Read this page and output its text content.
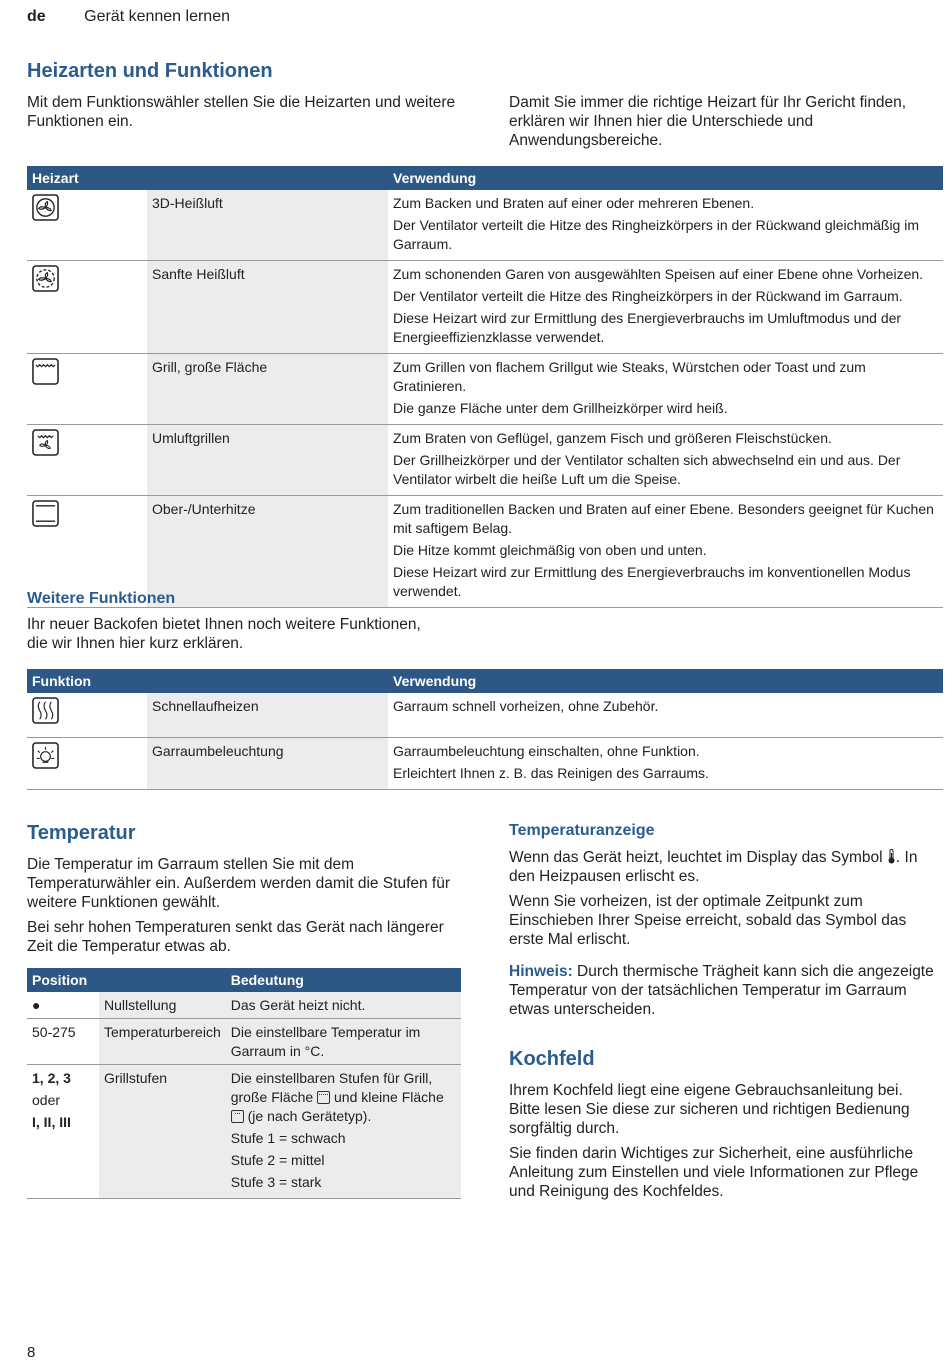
de Gerät kennen lernen
Heizarten und Funktionen

Mit dem Funktionswähler stellen Sie die Heizarten und weitere Funktionen ein.

Damit Sie immer die richtige Heizart für Ihr Gericht finden, erklären wir Ihnen hier die Unterschiede und Anwendungsbereiche.

Heizart		Verwendung

	3D-Heißluft	Zum Backen und Braten auf einer oder mehreren Ebenen.
Der Ventilator verteilt die Hitze des Ringheizkörpers in der Rückwand gleichmäßig im Garraum.

	Sanfte Heißluft	Zum schonenden Garen von ausgewählten Speisen auf einer Ebene ohne Vorheizen.
Der Ventilator verteilt die Hitze des Ringheizkörpers in der Rückwand im Garraum.
Diese Heizart wird zur Ermittlung des Energieverbrauchs im Umluftmodus und der Energieeffizienzklasse verwendet.

	Grill, große Fläche	Zum Grillen von flachem Grillgut wie Steaks, Würstchen oder Toast und zum Gratinieren.
Die ganze Fläche unter dem Grillheizkörper wird heiß.

	Umluftgrillen	Zum Braten von Geflügel, ganzem Fisch und größeren Fleischstücken.
Der Grillheizkörper und der Ventilator schalten sich abwechselnd ein und aus. Der Ventilator wirbelt die heiße Luft um die Speise.

	Ober-/Unterhitze	Zum traditionellen Backen und Braten auf einer Ebene. Besonders geeignet für Kuchen mit saftigem Belag.
Die Hitze kommt gleichmäßig von oben und unten.
Diese Heizart wird zur Ermittlung des Energieverbrauchs im konventionellen Modus verwendet.
Weitere Funktionen

Ihr neuer Backofen bietet Ihnen noch weitere Funktionen, die wir Ihnen hier kurz erklären.

Funktion		Verwendung

	Schnellaufheizen	Garraum schnell vorheizen, ohne Zubehör.

	Garraumbeleuchtung	Garraumbeleuchtung einschalten, ohne Funktion.
Erleichtert Ihnen z. B. das Reinigen des Garraums.
Temperatur

Die Temperatur im Garraum stellen Sie mit dem Temperaturwähler ein. Außerdem werden damit die Stufen für weitere Funktionen gewählt.

Bei sehr hohen Temperaturen senkt das Gerät nach längerer Zeit die Temperatur etwas ab.

Position		Bedeutung
●	Nullstellung	Das Gerät heizt nicht.
50-275	Temperaturbereich	Die einstellbare Temperatur im Garraum in °C.

1, 2, 3
oder
I, II, III	Grillstufen	Die einstellbaren Stufen für Grill, große Fläche und kleine Fläche  (je nach Gerätetyp).
Stufe 1 = schwach
Stufe 2 = mittel
Stufe 3 = stark
Temperaturanzeige

Wenn das Gerät heizt, leuchtet im Display das Symbol . In den Heizpausen erlischt es.

Wenn Sie vorheizen, ist der optimale Zeitpunkt zum Einschieben Ihrer Speise erreicht, sobald das Symbol das erste Mal erlischt.

Hinweis: Durch thermische Trägheit kann sich die angezeigte Temperatur von der tatsächlichen Temperatur im Garraum etwas unterscheiden.

Kochfeld

Ihrem Kochfeld liegt eine eigene Gebrauchsanleitung bei. Bitte lesen Sie diese zur sicheren und richtigen Bedienung sorgfältig durch.

Sie finden darin Wichtiges zur Sicherheit, eine ausführliche Anleitung zum Einstellen und viele Informationen zur Pflege und Reinigung des Kochfeldes.

8
